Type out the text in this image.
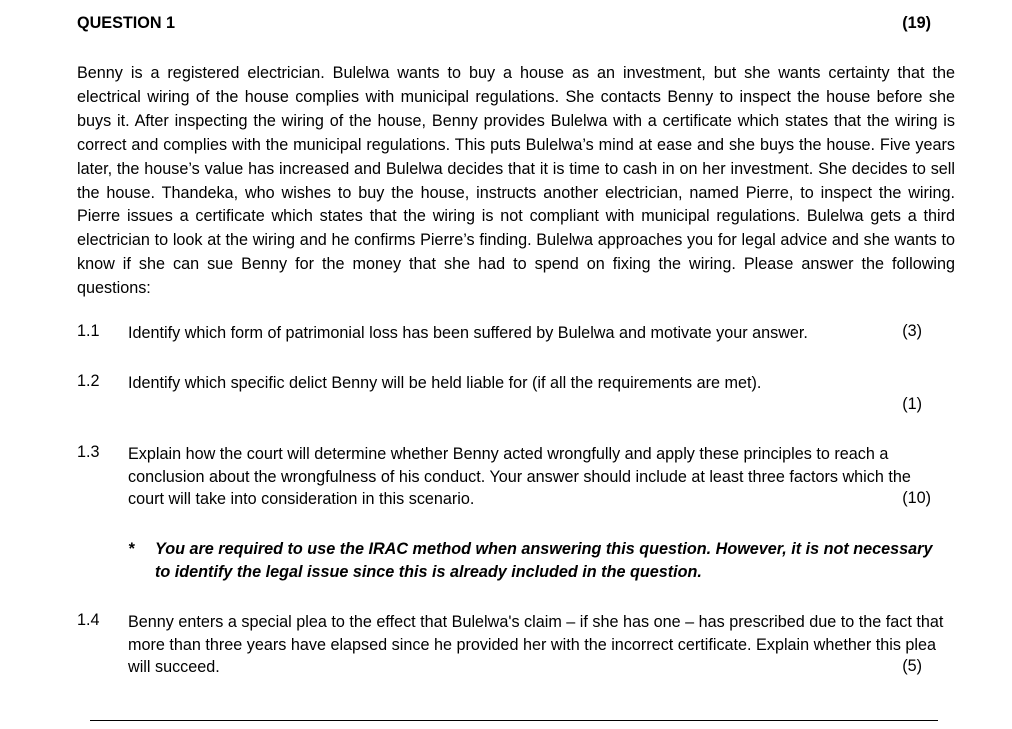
QUESTION 1	(19)
Benny is a registered electrician. Bulelwa wants to buy a house as an investment, but she wants certainty that the electrical wiring of the house complies with municipal regulations. She contacts Benny to inspect the house before she buys it. After inspecting the wiring of the house, Benny provides Bulelwa with a certificate which states that the wiring is correct and complies with the municipal regulations. This puts Bulelwa’s mind at ease and she buys the house. Five years later, the house’s value has increased and Bulelwa decides that it is time to cash in on her investment. She decides to sell the house. Thandeka, who wishes to buy the house, instructs another electrician, named Pierre, to inspect the wiring. Pierre issues a certificate which states that the wiring is not compliant with municipal regulations. Bulelwa gets a third electrician to look at the wiring and he confirms Pierre’s finding. Bulelwa approaches you for legal advice and she wants to know if she can sue Benny for the money that she had to spend on fixing the wiring. Please answer the following questions:
1.1 Identify which form of patrimonial loss has been suffered by Bulelwa and motivate your answer.	(3)
1.2 Identify which specific delict Benny will be held liable for (if all the requirements are met).
(1)
1.3 Explain how the court will determine whether Benny acted wrongfully and apply these principles to reach a conclusion about the wrongfulness of his conduct. Your answer should include at least three factors which the court will take into consideration in this scenario.	(10)
* You are required to use the IRAC method when answering this question. However, it is not necessary to identify the legal issue since this is already included in the question.
1.4 Benny enters a special plea to the effect that Bulelwa's claim – if she has one – has prescribed due to the fact that more than three years have elapsed since he provided her with the incorrect certificate. Explain whether this plea will succeed.	(5)
